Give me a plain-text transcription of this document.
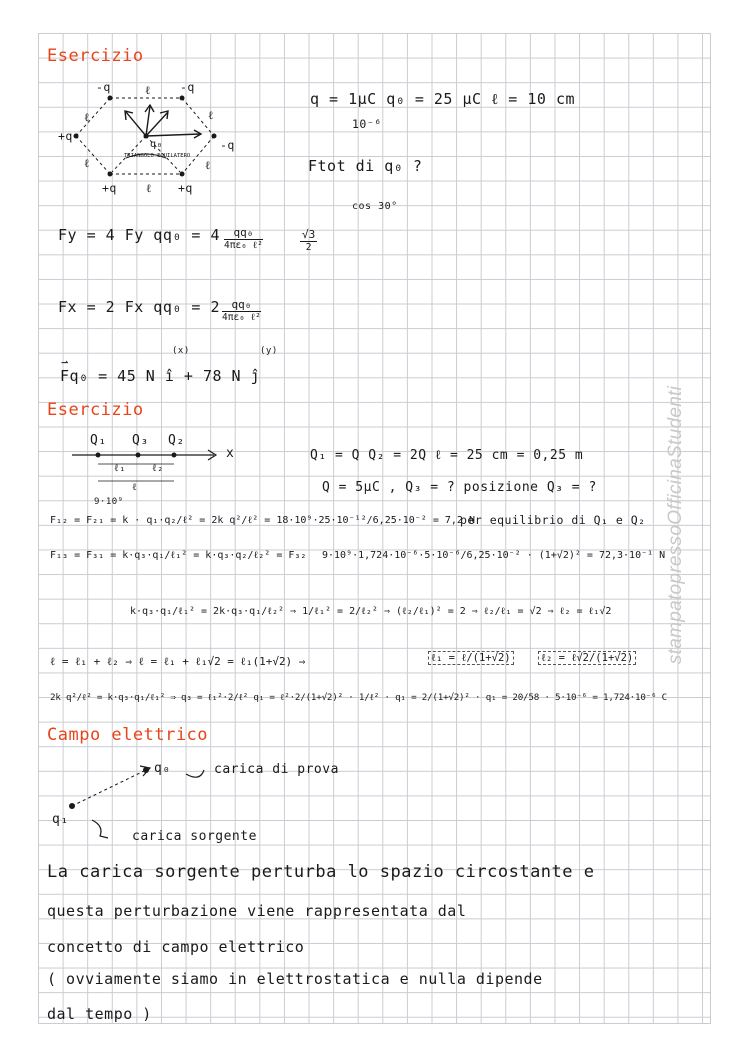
stampatopressoOfficinaStudenti
Esercizio
-q	-q
+q
-q
+q	+q
ℓ
ℓ	ℓ
ℓ	ℓ
ℓ
q₀
TRIANGOLO EQUILATERO
q = 1μC q₀ = 25 μC ℓ = 10 cm
10⁻⁶
Ftot di q₀ ?
Fy = 4 Fy qq₀ = 4	qq₀
4πε₀ ℓ²	$\frac{√3}{2}$
cos 30°
Fx = 2 Fx qq₀ = 2	qq₀
4πε₀ ℓ²
⇀ Fq₀ = 45 N î + 78 N ĵ
(x)	(y)
Esercizio
Q₁ Q₃ Q₂
x
ℓ₁	ℓ₂
ℓ
Q₁ = Q Q₂ = 2Q ℓ = 25 cm = 0,25 m
Q = 5μC , Q₃ = ? posizione Q₃ = ?
9·10⁹
F₁₂ = F₂₁ = k · q₁·q₂/ℓ² = 2k q²/ℓ² = 18·10⁹·25·10⁻¹²/6,25·10⁻² = 7,2 N
per equilibrio di Q₁ e Q₂
F₁₃ = F₃₁ = k·q₃·q₁/ℓ₁² = k·q₃·q₂/ℓ₂² = F₃₂ 9·10⁹·1,724·10⁻⁶·5·10⁻⁶/6,25·10⁻² · (1+√2)² = 72,3·10⁻¹ N
k·q₃·q₁/ℓ₁² = 2k·q₃·q₁/ℓ₂² ⇒ 1/ℓ₁² = 2/ℓ₂² ⇒ (ℓ₂/ℓ₁)² = 2 ⇒ ℓ₂/ℓ₁ = √2 ⇒ ℓ₂ = ℓ₁√2
ℓ = ℓ₁ + ℓ₂ ⇒ ℓ = ℓ₁ + ℓ₁√2 = ℓ₁(1+√2) ⇒	ℓ₁ = ℓ/(1+√2)	ℓ₂ = ℓ√2/(1+√2)
2k q²/ℓ² = k·q₃·q₁/ℓ₁² ⇒ q₃ = ℓ₁²·2/ℓ² q₁ = ℓ²·2/(1+√2)² · 1/ℓ² · q₁ = 2/(1+√2)² · q₁ = 20/58 · 5·10⁻⁶ = 1,724·10⁻⁶ C
Campo elettrico
q₀	carica di prova
q₁
carica sorgente
La carica sorgente perturba lo spazio circostante e
questa perturbazione viene rappresentata dal
concetto di campo elettrico
( ovviamente siamo in elettrostatica e nulla dipende
dal tempo )
